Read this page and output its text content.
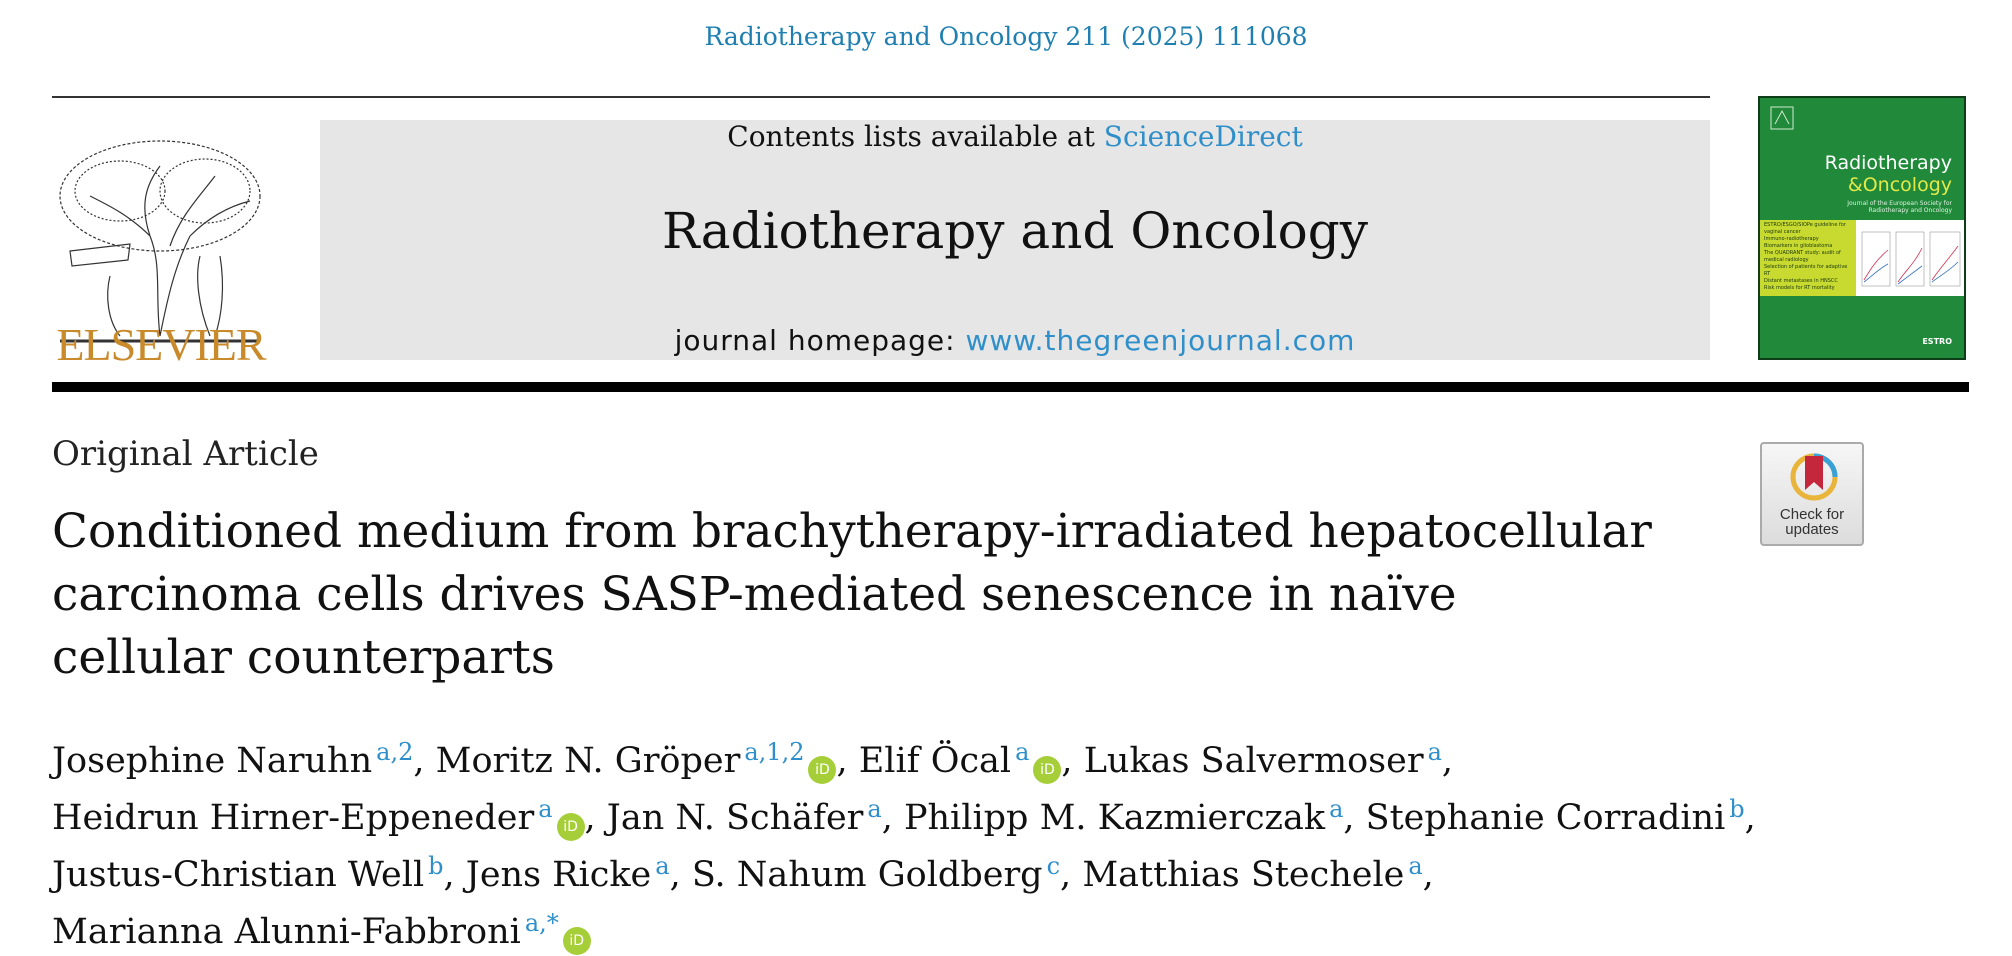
Radiotherapy and Oncology 211 (2025) 111068
ELSEVIER
Contents lists available at ScienceDirect
Radiotherapy and Oncology
journal homepage: www.thegreenjournal.com
Radiotherapy
&Oncology
Journal of the European Society for Radiotherapy and Oncology
ESTRO/ESGO/SIOPe guideline for vaginal cancer
Immuno-radiotherapy
Biomarkers in glioblastoma
The QUADRANT study: audit of medical radiology
Selection of patients for adaptive RT
Distant metastases in HNSCC
Risk models for RT mortality
ESTRO
Check for
updates
Original Article
Conditioned medium from brachytherapy-irradiated hepatocellular
carcinoma cells drives SASP-mediated senescence in naïve
cellular counterparts
Josephine Naruhn $^{a,2}$, Moritz N. Gröper $^{a,1,2}$iD , Elif Öcal $^a$iD , Lukas Salvermoser $^a$,
Heidrun Hirner-Eppeneder $^a$iD , Jan N. Schäfer $^a$, Philipp M. Kazmierczak $^a$, Stephanie Corradini $^b$,
Justus-Christian Well $^b$, Jens Ricke $^a$, S. Nahum Goldberg $^c$, Matthias Stechele $^a$,
Marianna Alunni-Fabbroni $^{a,*}$iD
